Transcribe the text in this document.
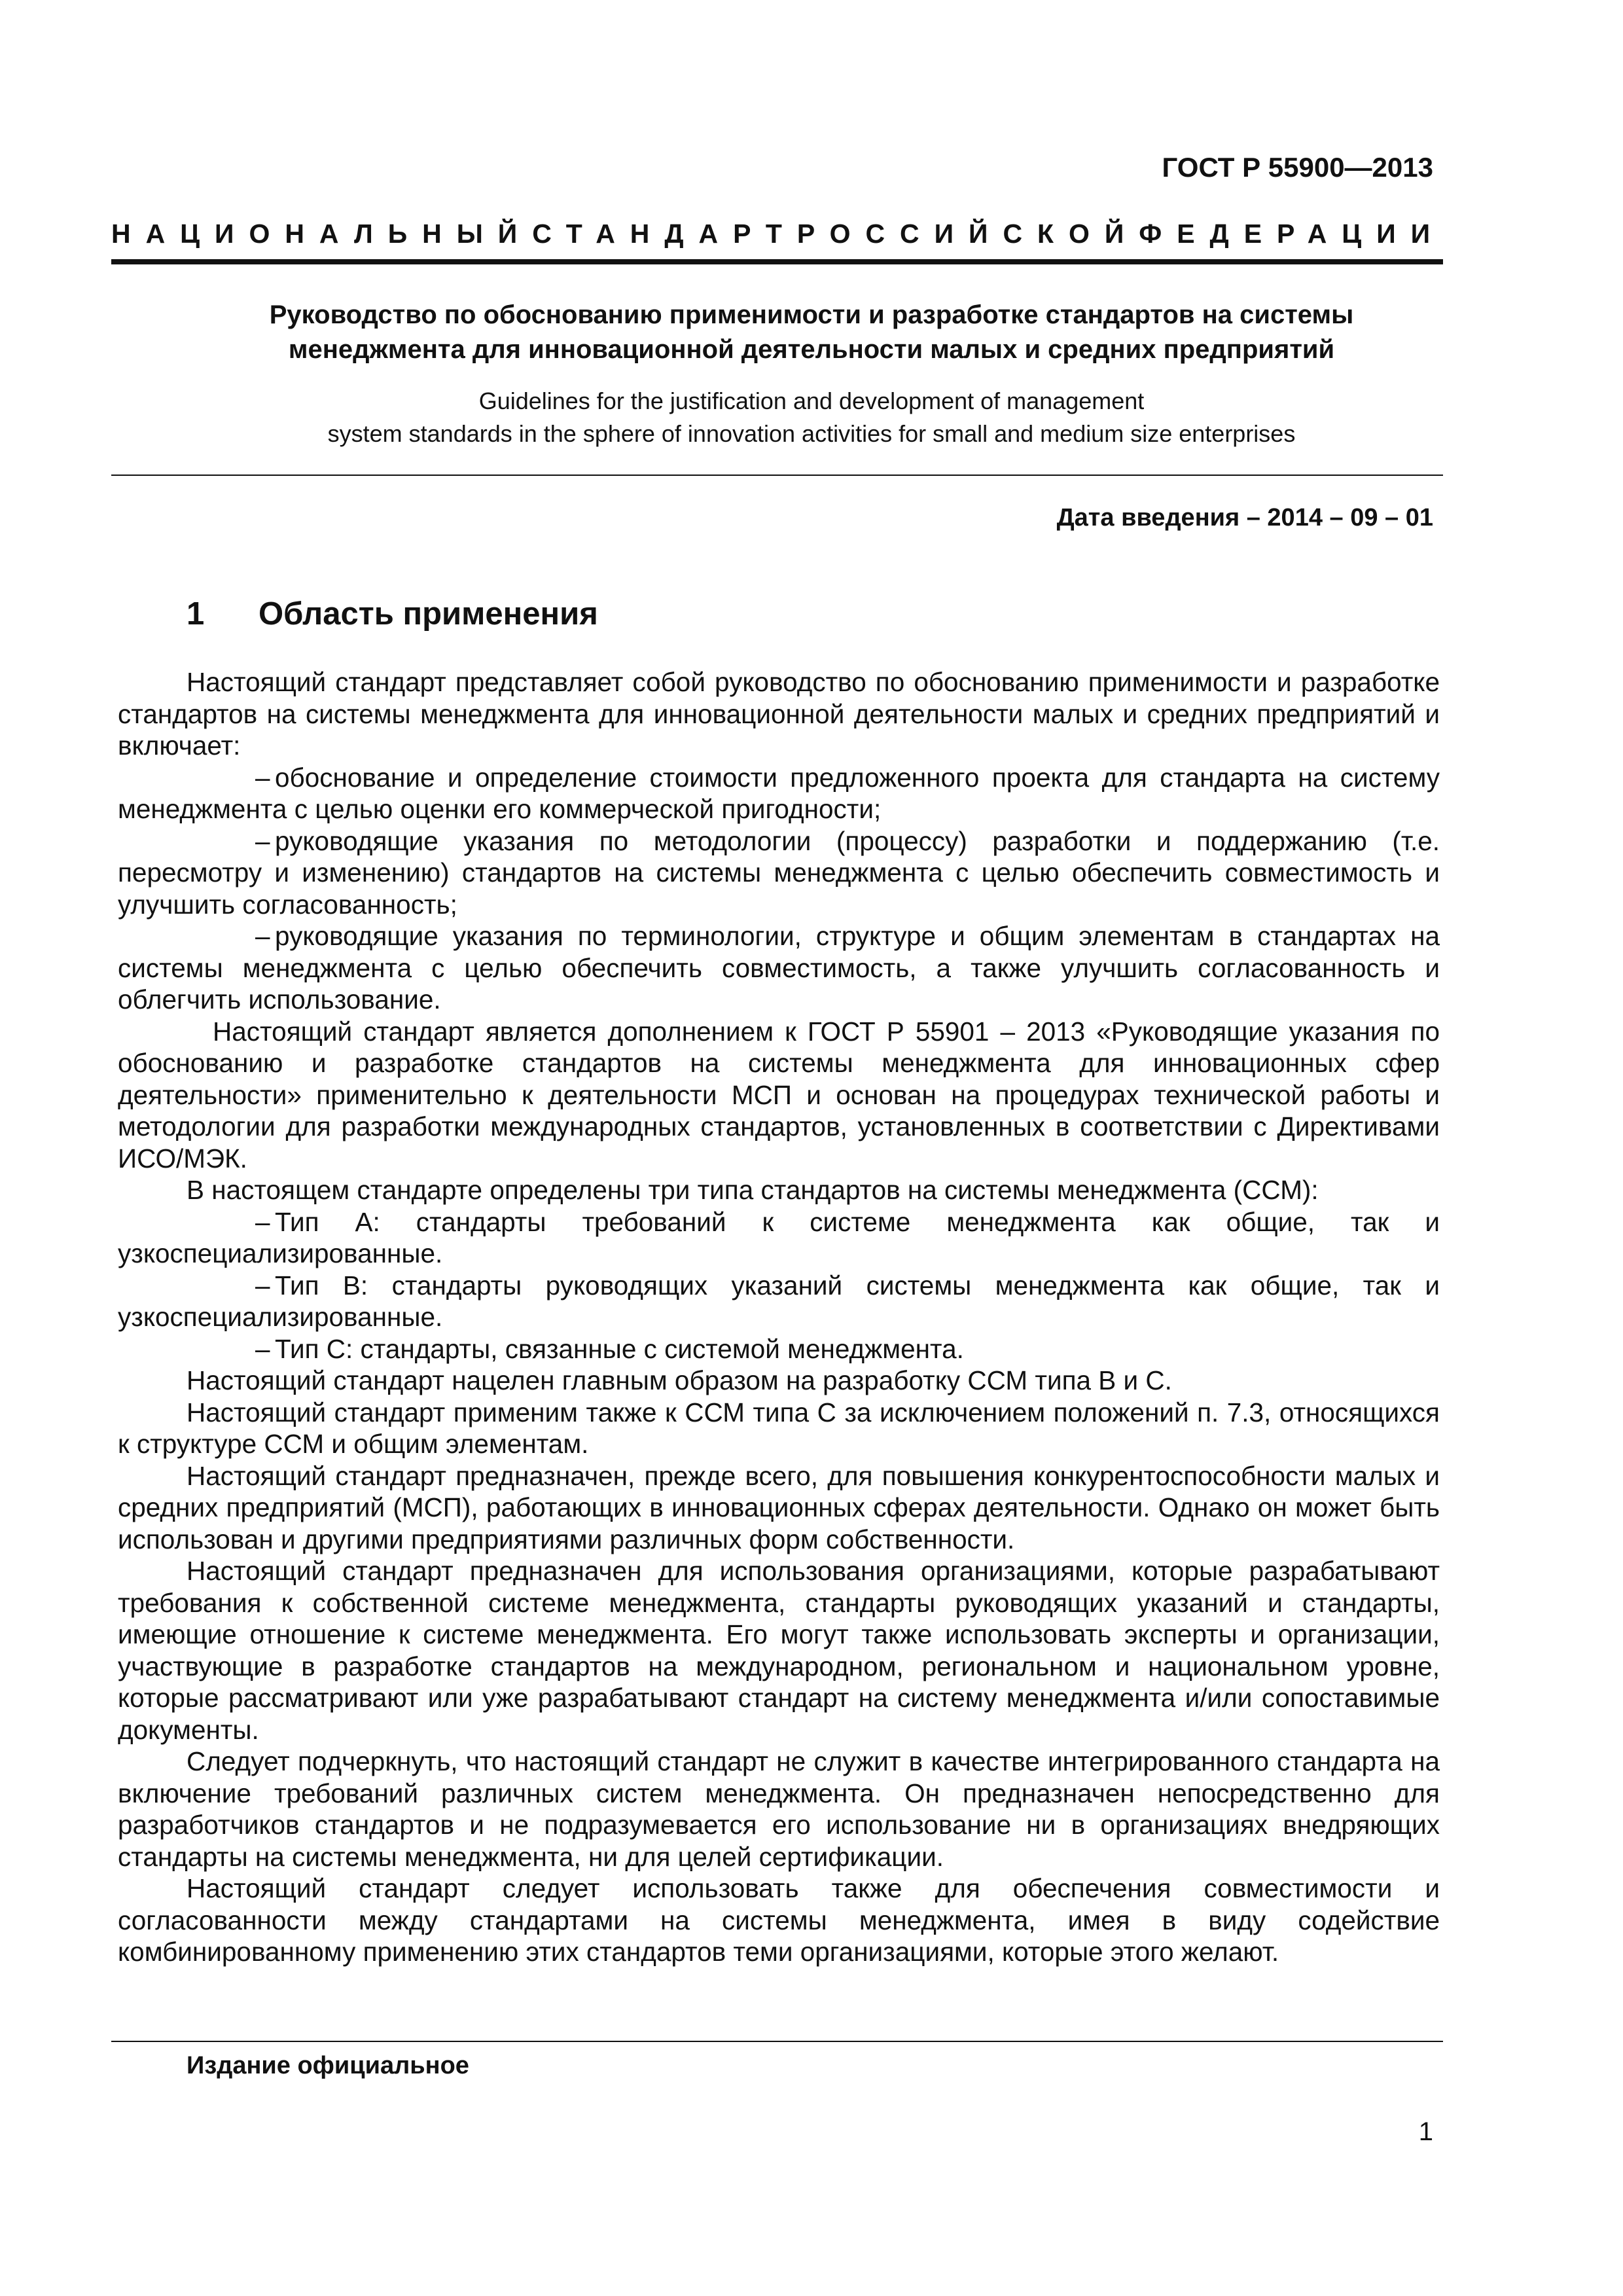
ГОСТ Р 55900—2013
НАЦИОНАЛЬНЫЙ СТАНДАРТ РОССИЙСКОЙ ФЕДЕРАЦИИ
Руководство по обоснованию применимости и разработке стандартов на системы
менеджмента для инновационной деятельности малых и средних предприятий
Guidelines for the justification and development of management
system standards in the sphere of innovation activities for small and medium size enterprises
Дата введения – 2014 – 09 – 01
1 Область применения

Настоящий стандарт представляет собой руководство по обоснованию применимости и разработке стандартов на системы менеджмента для инновационной деятельности малых и средних предприятий и включает:

– обоснование и определение стоимости предложенного проекта для стандарта на систему менеджмента с целью оценки его коммерческой пригодности;

– руководящие указания по методологии (процессу) разработки и поддержанию (т.е. пересмотру и изменению) стандартов на системы менеджмента с целью обеспечить совместимость и улучшить согласованность;

– руководящие указания по терминологии, структуре и общим элементам в стандартах на системы менеджмента с целью обеспечить совместимость, а также улучшить согласованность и облегчить использование.

Настоящий стандарт является дополнением к ГОСТ Р 55901 – 2013 «Руководящие указания по обоснованию и разработке стандартов на системы менеджмента для инновационных сфер деятельности» применительно к деятельности МСП и основан на процедурах технической работы и методологии для разработки международных стандартов, установленных в соответствии с Директивами ИСО/МЭК.

В настоящем стандарте определены три типа стандартов на системы менеджмента (ССМ):

– Тип А: стандарты требований к системе менеджмента как общие, так и узкоспециализированные.

– Тип В: стандарты руководящих указаний системы менеджмента как общие, так и узкоспециализированные.

– Тип С: стандарты, связанные с системой менеджмента.

Настоящий стандарт нацелен главным образом на разработку ССМ типа В и С.

Настоящий стандарт применим также к ССМ типа С за исключением положений п. 7.3, относящихся к структуре ССМ и общим элементам.

Настоящий стандарт предназначен, прежде всего, для повышения конкурентоспособности малых и средних предприятий (МСП), работающих в инновационных сферах деятельности. Однако он может быть использован и другими предприятиями различных форм собственности.

Настоящий стандарт предназначен для использования организациями, которые разрабатывают требования к собственной системе менеджмента, стандарты руководящих указаний и стандарты, имеющие отношение к системе менеджмента. Его могут также использовать эксперты и организации, участвующие в разработке стандартов на международном, региональном и национальном уровне, которые рассматривают или уже разрабатывают стандарт на систему менеджмента и/или сопоставимые документы.

Следует подчеркнуть, что настоящий стандарт не служит в качестве интегрированного стандарта на включение требований различных систем менеджмента. Он предназначен непосредственно для разработчиков стандартов и не подразумевается его использование ни в организациях внедряющих стандарты на системы менеджмента, ни для целей сертификации.

Настоящий стандарт следует использовать также для обеспечения совместимости и согласованности между стандартами на системы менеджмента, имея в виду содействие комбинированному применению этих стандартов теми организациями, которые этого желают.

Издание официальное
1
